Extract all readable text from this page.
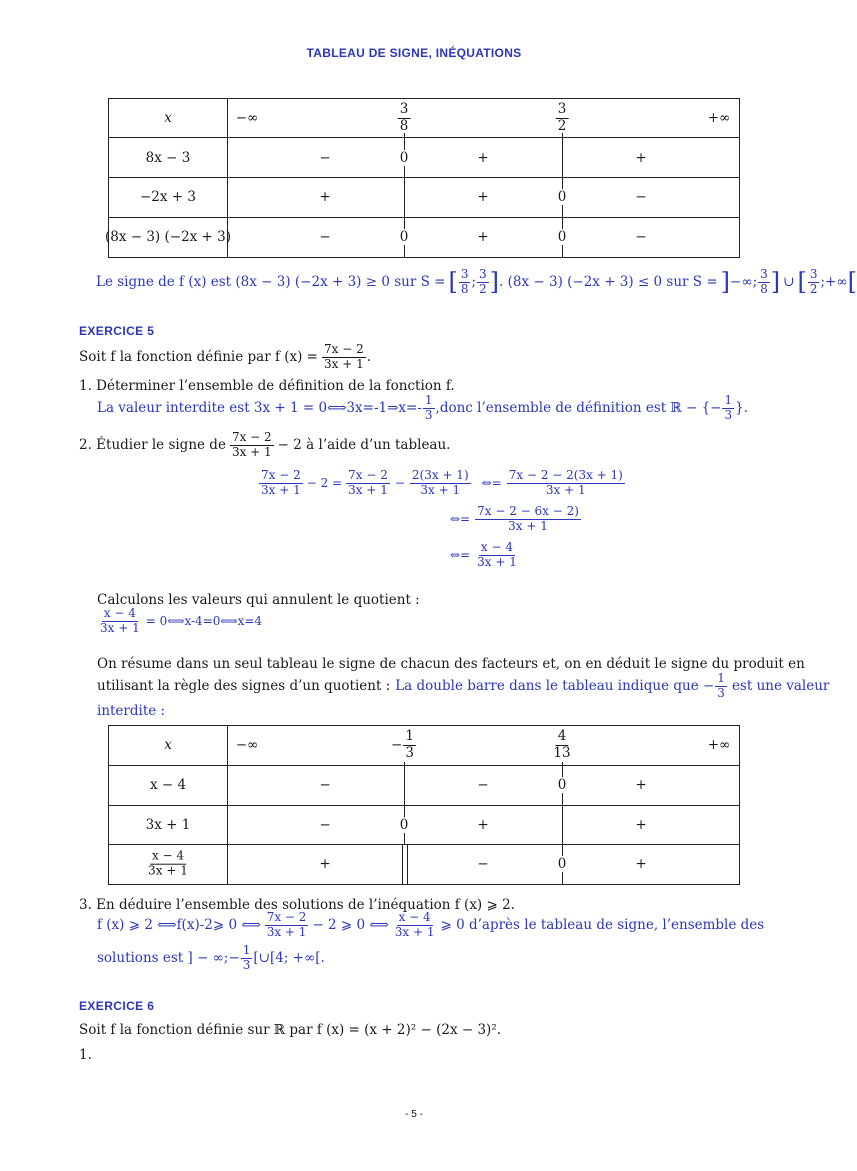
TABLEAU DE SIGNE, INÉQUATIONS
x	−∞	$\frac{3}{8}$	$\frac{3}{2}$	+∞
8x − 3	−	0	+	+
−2x + 3	+	+	0	−
(8x − 3) (−2x + 3)	−	0	+	0	−
Le signe de f (x) est (8x − 3) (−2x + 3) ≥ 0 sur S = [ $\frac{3}{8}$ ; $\frac{3}{2}$ ] . (8x − 3) (−2x + 3) ≤ 0 sur S = ] −∞; $\frac{3}{8}$ ] ∪ [ $\frac{3}{2}$ ;+∞ [
EXERCICE 5
Soit f la fonction définie par f $(x) = \frac{7x - 2}{3x + 1}$ .
1. Déterminer l’ensemble de définition de la fonction f.
La valeur interdite est 3x + 1 = 0⟺3x=-1⇒x=- $\frac{1}{3}$ ,donc l’ensemble de définition est ℝ − {− $\frac{1}{3}$ }.
2. Étudier le signe de $\frac{7x - 2}{3x + 1} - 2$ à l’aide d’un tableau.
$\frac{7x - 2}{3x + 1} - 2 = \frac{7x - 2}{3x + 1} - \frac{2(3x + 1)}{3x + 1}$ ⇔= $\frac{7x - 2 - 2(3x + 1)}{3x + 1}$
⇔= $\frac{7x - 2 - 6x - 2)}{3x + 1}$
⇔= $\frac{x - 4}{3x + 1}$
Calculons les valeurs qui annulent le quotient :
$\frac{x - 4}{3x + 1}$ = 0⟺x-4=0⟺x=4
On résume dans un seul tableau le signe de chacun des facteurs et, on en déduit le signe du produit en
utilisant la règle des signes d’un quotient : La double barre dans le tableau indique que − $\frac{1}{3}$ est une valeur
interdite :
x	−∞	− $\frac{1}{3}$	$\frac{4}{13}$	+∞
x − 4	−	−	0	+
3x + 1	−	0	+	+
$\frac{x - 4}{3x + 1}$	+	−	0	+
3. En déduire l’ensemble des solutions de l’inéquation f (x) ⩾ 2.
f (x) ⩾ 2 ⟺f(x)-2⩾ 0 ⟺ $\frac{7x - 2}{3x + 1} - 2$ ⩾ 0 ⟺ $\frac{x - 4}{3x + 1}$ ⩾ 0 d’après le tableau de signe, l’ensemble des
solutions est ] − ∞;− $\frac{1}{3}$ [∪[4; +∞[.
EXERCICE 6
Soit f la fonction définie sur ℝ par f (x) = (x + 2)² − (2x − 3)².
1.
- 5 -
